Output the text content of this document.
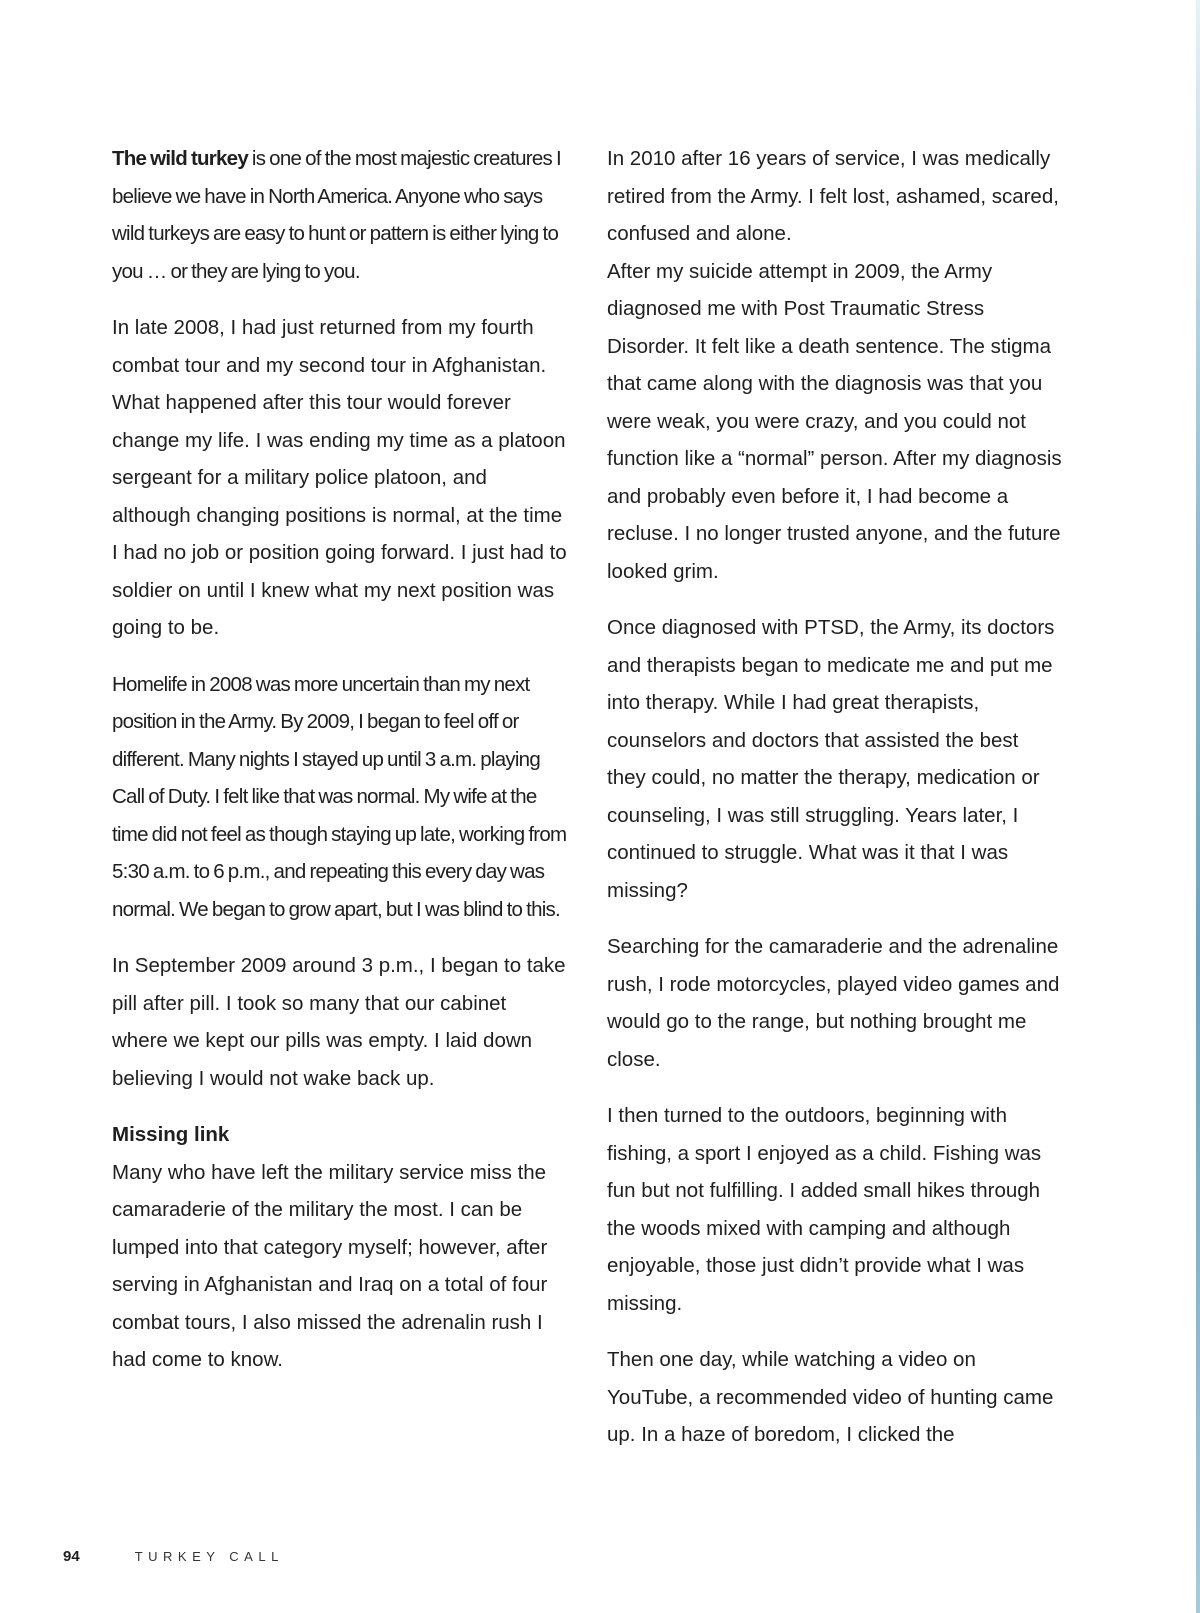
The wild turkey is one of the most majestic creatures I believe we have in North America. Anyone who says wild turkeys are easy to hunt or pattern is either lying to you … or they are lying to you.

In late 2008, I had just returned from my fourth combat tour and my second tour in Afghanistan. What happened after this tour would forever change my life. I was ending my time as a platoon sergeant for a military police platoon, and although changing positions is normal, at the time I had no job or position going forward. I just had to soldier on until I knew what my next position was going to be.

Homelife in 2008 was more uncertain than my next position in the Army. By 2009, I began to feel off or different. Many nights I stayed up until 3 a.m. playing Call of Duty. I felt like that was normal. My wife at the time did not feel as though staying up late, working from 5:30 a.m. to 6 p.m., and repeating this every day was normal. We began to grow apart, but I was blind to this.

In September 2009 around 3 p.m., I began to take pill after pill. I took so many that our cabinet where we kept our pills was empty. I laid down believing I would not wake back up.

Missing link

Many who have left the military service miss the camaraderie of the military the most. I can be lumped into that category myself; however, after serving in Afghanistan and Iraq on a total of four combat tours, I also missed the adrenalin rush I had come to know.

In 2010 after 16 years of service, I was medically retired from the Army. I felt lost, ashamed, scared, confused and alone.

After my suicide attempt in 2009, the Army diagnosed me with Post Traumatic Stress Disorder. It felt like a death sentence. The stigma that came along with the diagnosis was that you were weak, you were crazy, and you could not function like a “normal” person. After my diagnosis and probably even before it, I had become a recluse. I no longer trusted anyone, and the future looked grim.

Once diagnosed with PTSD, the Army, its doctors and therapists began to medicate me and put me into therapy. While I had great therapists, counselors and doctors that assisted the best they could, no matter the therapy, medication or counseling, I was still struggling. Years later, I continued to struggle. What was it that I was missing?

Searching for the camaraderie and the adrenaline rush, I rode motorcycles, played video games and would go to the range, but nothing brought me close.

I then turned to the outdoors, beginning with fishing, a sport I enjoyed as a child. Fishing was fun but not fulfilling. I added small hikes through the woods mixed with camping and although enjoyable, those just didn’t provide what I was missing.

Then one day, while watching a video on YouTube, a recommended video of hunting came up. In a haze of boredom, I clicked the

94	TURKEY CALL
